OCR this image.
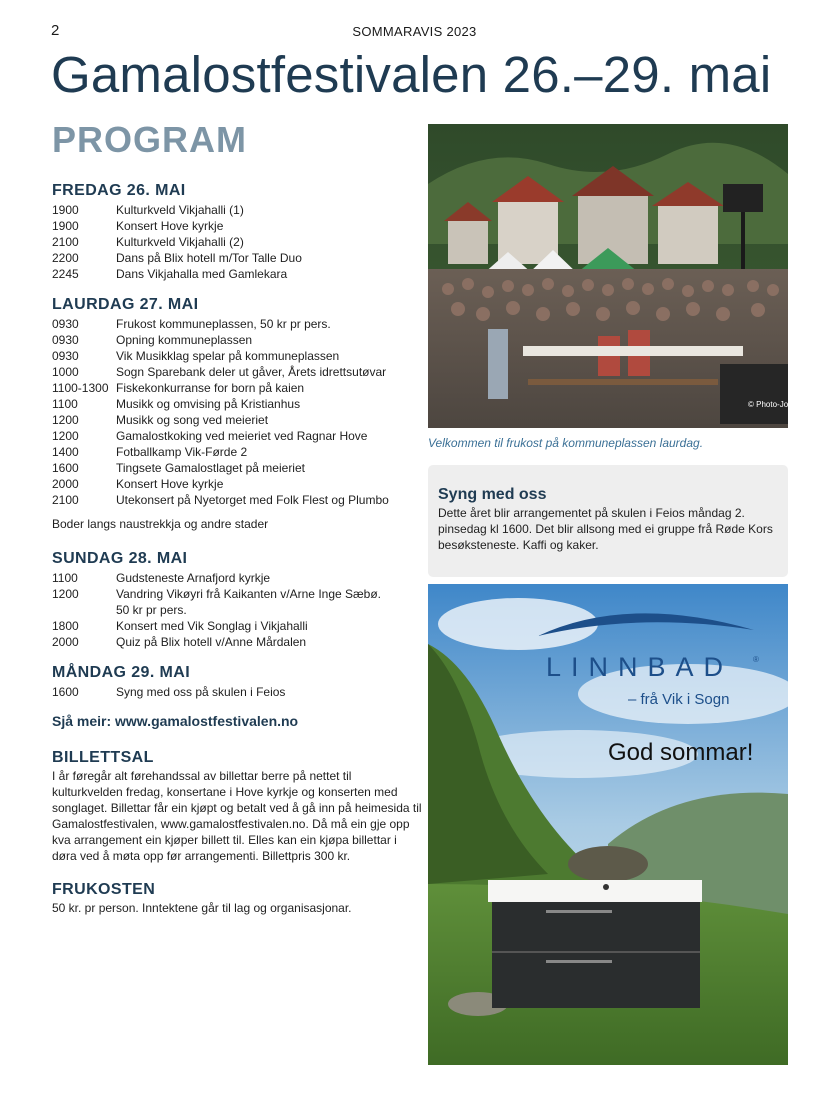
2	SOMMARAVIS 2023
Gamalostfestivalen 26.–29. mai
PROGRAM
FREDAG 26. MAI
1900	Kulturkveld Vikjahalli (1)
1900	Konsert Hove kyrkje
2100	Kulturkveld Vikjahalli (2)
2200	Dans på Blix hotell m/Tor Talle Duo
2245	Dans Vikjahalla med Gamlekara
LAURDAG 27. MAI
0930	Frukost kommuneplassen, 50 kr pr pers.
0930	Opning kommuneplassen
0930	Vik Musikklag spelar på kommuneplassen
1000	Sogn Sparebank deler ut gåver, Årets idrettsutøvar
1100-1300 Fiskekonkurranse for born på kaien
1100	Musikk og omvising på Kristianhus
1200	Musikk og song ved meieriet
1200	Gamalostkoking ved meieriet ved Ragnar Hove
1400	Fotballkamp Vik-Førde 2
1600	Tingsete Gamalostlaget på meieriet
2000	Konsert Hove kyrkje
2100	Utekonsert på Nyetorget med Folk Flest og Plumbo
Boder langs naustrekkja og andre stader
SUNDAG 28. MAI
1100	Gudsteneste Arnafjord kyrkje
1200	Vandring Vikøyri frå Kaikanten v/Arne Inge Sæbø.
50 kr pr pers.
1800	Konsert med Vik Songlag i Vikjahalli
2000	Quiz på Blix hotell v/Anne Mårdalen
MÅNDAG 29. MAI
1600	Syng med oss på skulen i Feios
Sjå meir: www.gamalostfestivalen.no
BILLETTSAL
I år føregår alt førehandssal av billettar berre på nettet til kulturkvelden fredag, konsertane i Hove kyrkje og konserten med songlaget. Billettar får ein kjøpt og betalt ved å gå inn på heimesida til Gamalostfestivalen, www.gamalostfestivalen.no. Då må ein gje opp kva arrangement ein kjøper billett til. Elles kan ein kjøpa billettar i døra ved å møta opp før arrangementi. Billettpris 300 kr.
FRUKOSTEN
50 kr. pr person. Inntektene går til lag og organisasjonar.
© Photo-John
Velkommen til frukost på kommuneplassen laurdag.
Syng med oss
Dette året blir arrangementet på skulen i Feios måndag 2. pinsedag kl 1600. Det blir allsong med ei gruppe frå Røde Kors besøksteneste. Kaffi og kaker.
LINNBAD ®
– frå Vik i Sogn
God sommar!
